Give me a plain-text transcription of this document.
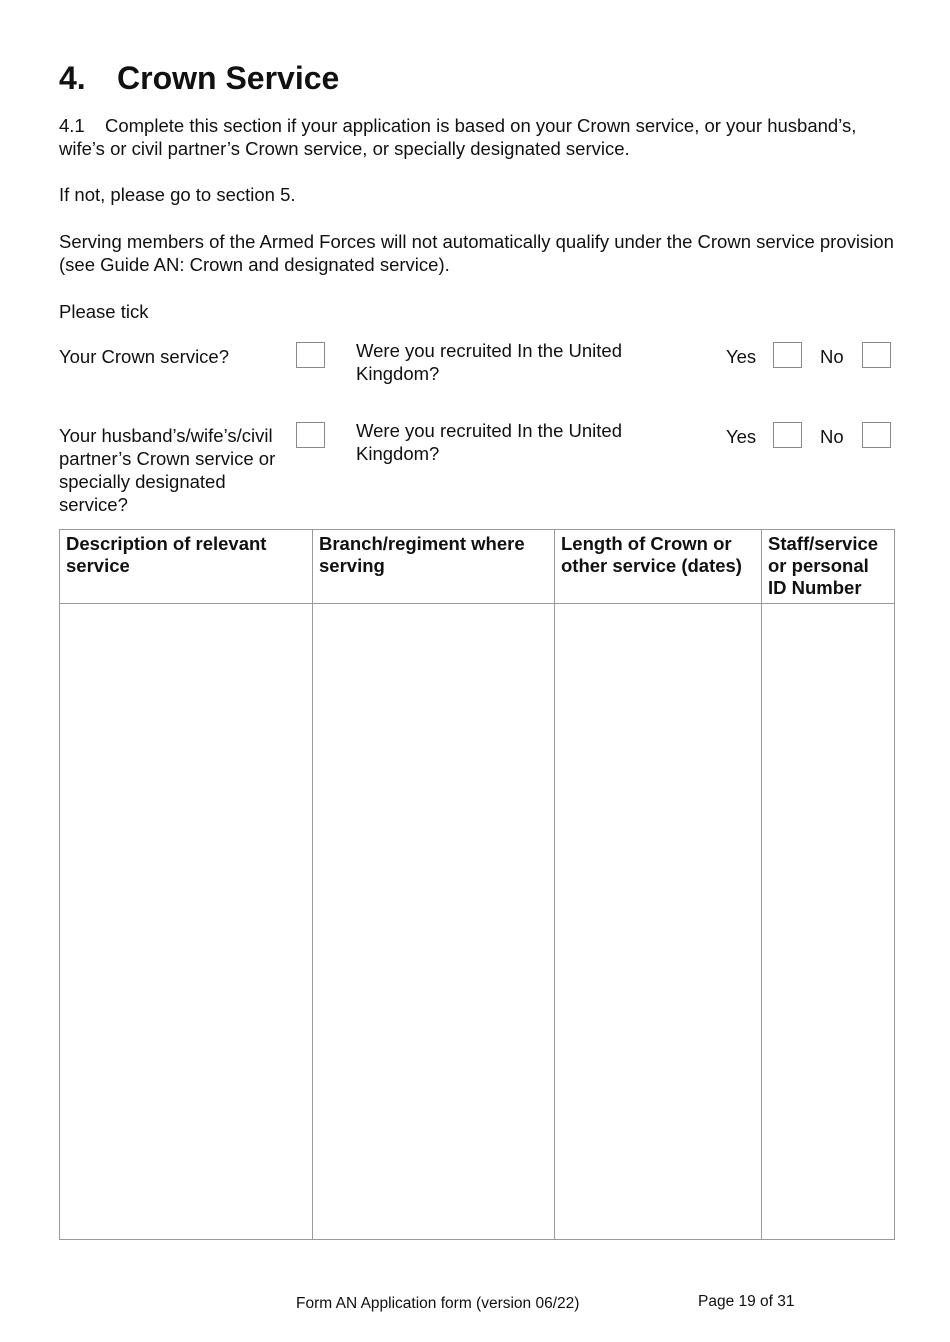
4. Crown Service

4.1 Complete this section if your application is based on your Crown service, or your husband’s, wife’s or civil partner’s Crown service, or specially designated service.

If not, please go to section 5.

Serving members of the Armed Forces will not automatically qualify under the Crown service provision (see Guide AN: Crown and designated service).

Please tick

Your Crown service?	Were you recruited In the United Kingdom?
Yes	No
Your husband’s/wife’s/civil partner’s Crown service or specially designated service?
Were you recruited In the United Kingdom?
Yes	No
Description of relevant service	Branch/regiment where serving	Length of Crown or other service (dates)	Staff/service or personal ID Number

Form AN Application form (version 06/22)	Page 19 of 31
